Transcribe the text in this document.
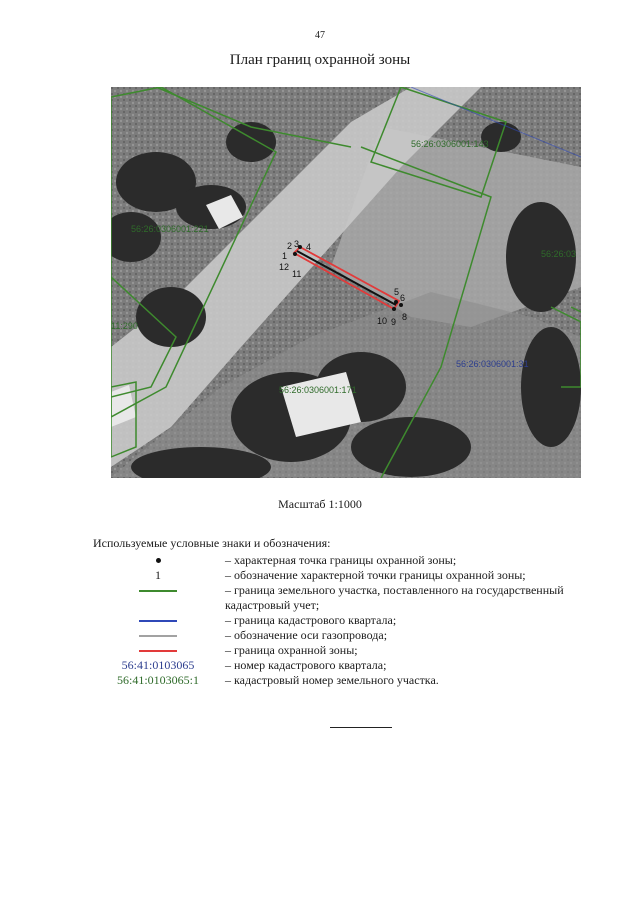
47
План границ охранной зоны
1
2 3 4
5
6
8
9
10
11
12
56:26:0306001:143
56:26:0306001:221
56:26:03
11:290
56:26:0306001:171
56:26:0306001:31
Масштаб 1:1000
Используемые условные знаки и обозначения:
– характерная точка границы охранной зоны;
1	– обозначение характерной точки границы охранной зоны;
– граница земельного участка, поставленного на государственный кадастровый учет;
– граница кадастрового квартала;
– обозначение оси газопровода;
– граница охранной зоны;
56:41:0103065	– номер кадастрового квартала;
56:41:0103065:1	– кадастровый номер земельного участка.
